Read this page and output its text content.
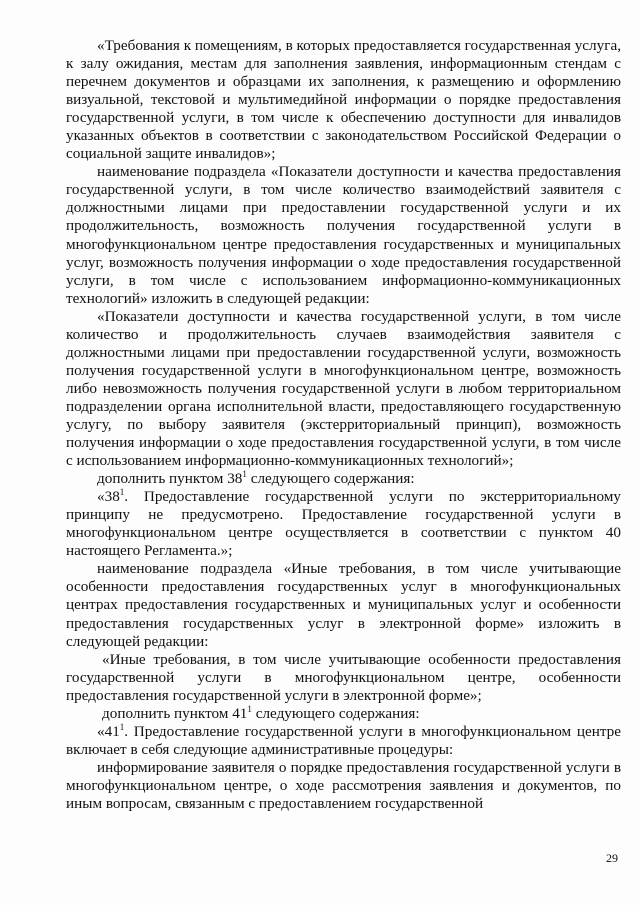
«Требования к помещениям, в которых предоставляется государственная услуга, к залу ожидания, местам для заполнения заявления, информационным стендам с перечнем документов и образцами их заполнения, к размещению и оформлению визуальной, текстовой и мультимедийной информации о порядке предоставления государственной услуги, в том числе к обеспечению доступности для инвалидов указанных объектов в соответствии с законодательством Российской Федерации о социальной защите инвалидов»;

наименование подраздела «Показатели доступности и качества предоставления государственной услуги, в том числе количество взаимодействий заявителя с должностными лицами при предоставлении государственной услуги и их продолжительность, возможность получения государственной услуги в многофункциональном центре предоставления государственных и муниципальных услуг, возможность получения информации о ходе предоставления государственной услуги, в том числе с использованием информационно-коммуникационных технологий» изложить в следующей редакции:

«Показатели доступности и качества государственной услуги, в том числе количество и продолжительность случаев взаимодействия заявителя с должностными лицами при предоставлении государственной услуги, возможность получения государственной услуги в многофункциональном центре, возможность либо невозможность получения государственной услуги в любом территориальном подразделении органа исполнительной власти, предоставляющего государственную услугу, по выбору заявителя (экстерриториальный принцип), возможность получения информации о ходе предоставления государственной услуги, в том числе с использованием информационно-коммуникационных технологий»;

дополнить пунктом $38^1$ следующего содержания:

«$38^1$. Предоставление государственной услуги по экстерриториальному принципу не предусмотрено. Предоставление государственной услуги в многофункциональном центре осуществляется в соответствии с пунктом 40 настоящего Регламента.»;

наименование подраздела «Иные требования, в том числе учитывающие особенности предоставления государственных услуг в многофункциональных центрах предоставления государственных и муниципальных услуг и особенности предоставления государственных услуг в электронной форме» изложить в следующей редакции:

«Иные требования, в том числе учитывающие особенности предоставления государственной услуги в многофункциональном центре, особенности предоставления государственной услуги в электронной форме»;

дополнить пунктом $41^1$ следующего содержания:

«$41^1$. Предоставление государственной услуги в многофункциональном центре включает в себя следующие административные процедуры:

информирование заявителя о порядке предоставления государственной услуги в многофункциональном центре, о ходе рассмотрения заявления и документов, по иным вопросам, связанным с предоставлением государственной

29
